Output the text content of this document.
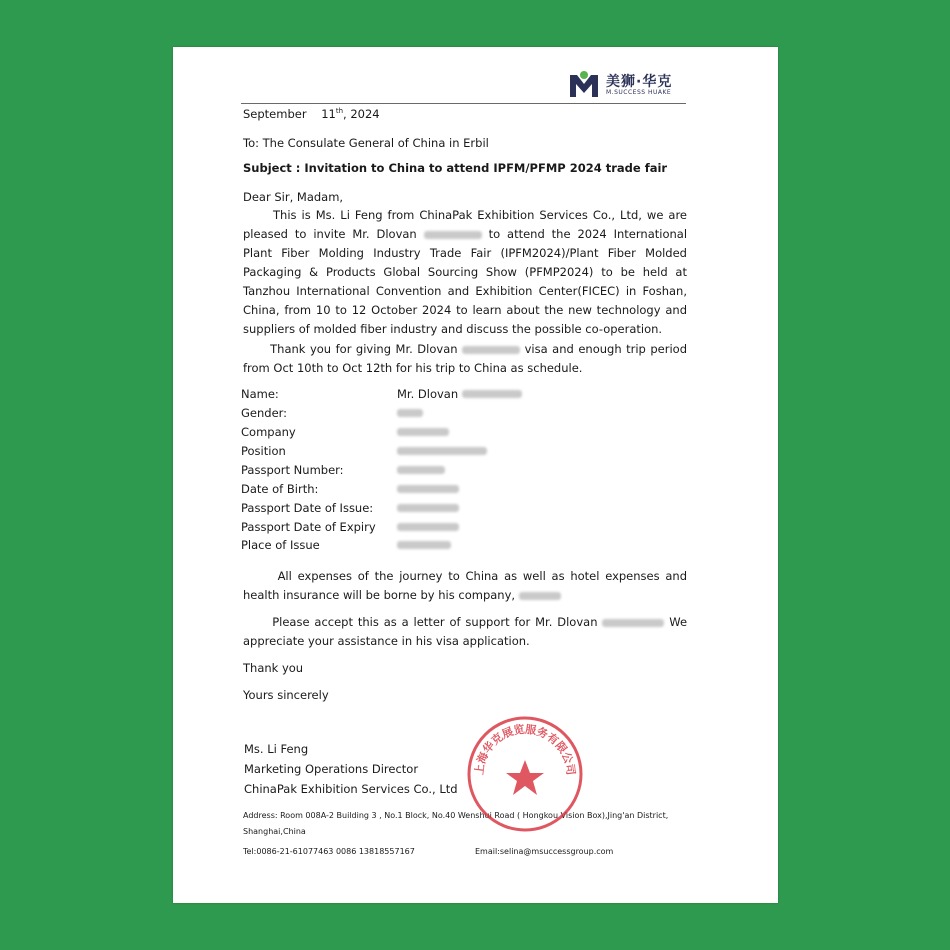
美狮·华克
M.SUCCESS HUAKE
September 11th, 2024
To: The Consulate General of China in Erbil
Subject : Invitation to China to attend IPFM/PFMP 2024 trade fair
Dear Sir, Madam,

This is Ms. Li Feng from ChinaPak Exhibition Services Co., Ltd, we are pleased to invite Mr. Dlovan	to attend the 2024 International Plant Fiber Molding Industry Trade Fair (IPFM2024)/Plant Fiber Molded Packaging & Products Global Sourcing Show (PFMP2024) to be held at Tanzhou International Convention and Exhibition Center(FICEC) in Foshan, China, from 10 to 12 October 2024 to learn about the new technology and suppliers of molded fiber industry and discuss the possible co-operation.

Thank you for giving Mr. Dlovan	visa and enough trip period from Oct 10th to Oct 12th for his trip to China as schedule.

Name:	Mr. Dlovan
Gender:
Company
Position
Passport Number:
Date of Birth:
Passport Date of Issue:
Passport Date of Expiry
Place of Issue

All expenses of the journey to China as well as hotel expenses and health insurance will be borne by his company,

Please accept this as a letter of support for Mr. Dlovan	We appreciate your assistance in his visa application.

Thank you
Yours sincerely
Ms. Li Feng
Marketing Operations Director
ChinaPak Exhibition Services Co., Ltd
Address: Room 008A-2 Building 3 , No.1 Block, No.40 Wenshui Road ( Hongkou Vision Box),Jing'an District, Shanghai,China
Tel:0086-21-61077463 0086 13818557167	Email:selina@msuccessgroup.com
上海华克展览服务有限公司
